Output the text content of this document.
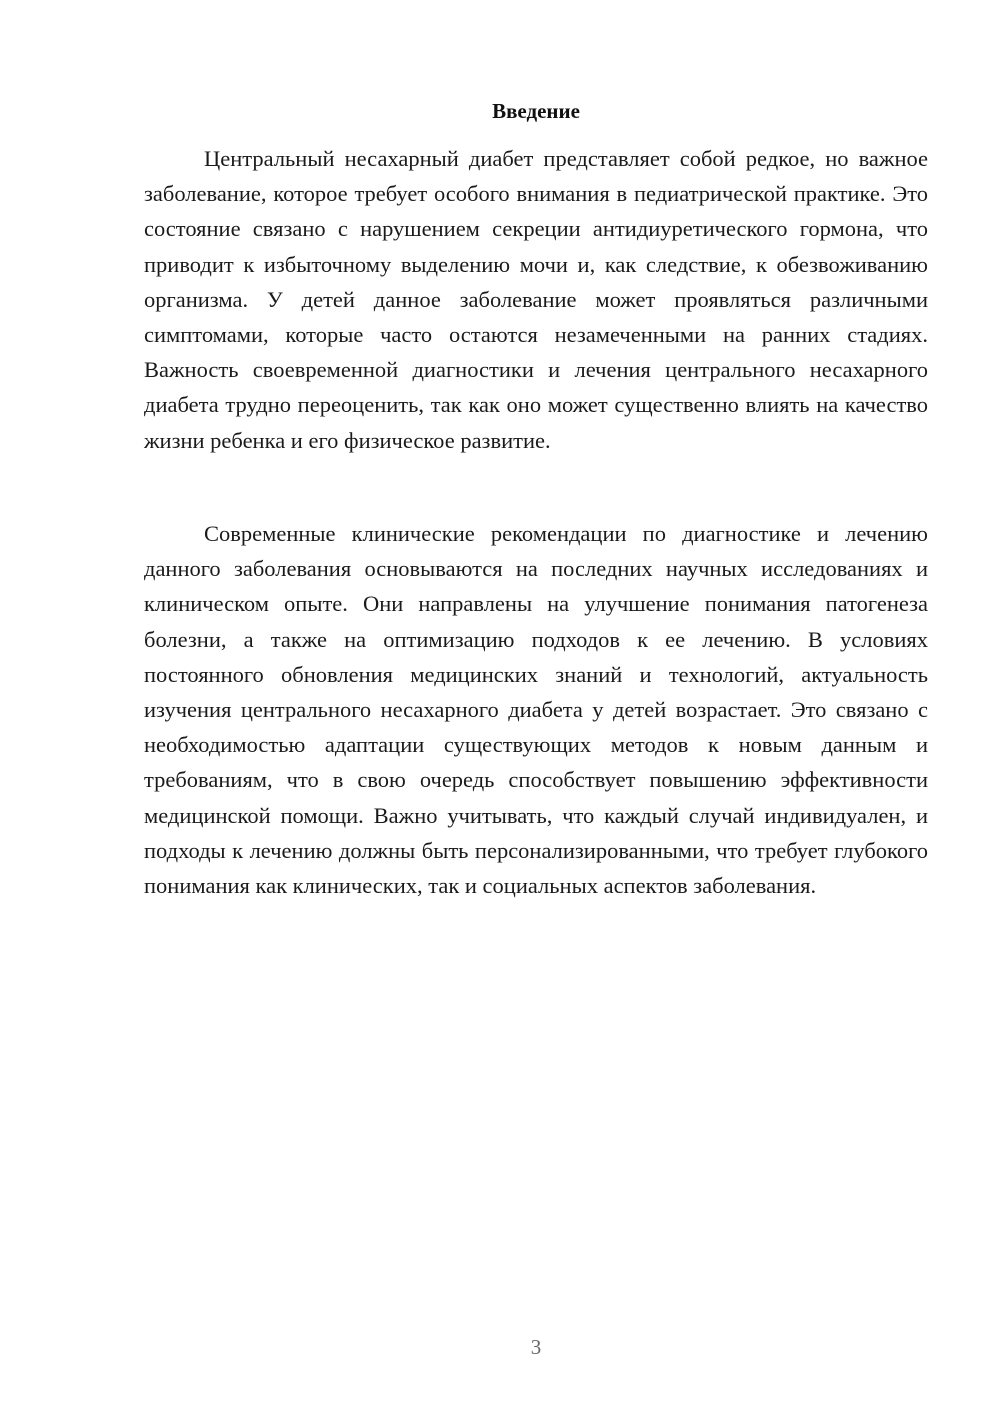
Введение

Центральный несахарный диабет представляет собой редкое, но важное заболевание, которое требует особого внимания в педиатрической практике. Это состояние связано с нарушением секреции антидиуретического гормона, что приводит к избыточному выделению мочи и, как следствие, к обезвоживанию организма. У детей данное заболевание может проявляться различными симптомами, которые часто остаются незамеченными на ранних стадиях. Важность своевременной диагностики и лечения центрального несахарного диабета трудно переоценить, так как оно может существенно влиять на качество жизни ребенка и его физическое развитие.

Современные клинические рекомендации по диагностике и лечению данного заболевания основываются на последних научных исследованиях и клиническом опыте. Они направлены на улучшение понимания патогенеза болезни, а также на оптимизацию подходов к ее лечению. В условиях постоянного обновления медицинских знаний и технологий, актуальность изучения центрального несахарного диабета у детей возрастает. Это связано с необходимостью адаптации существующих методов к новым данным и требованиям, что в свою очередь способствует повышению эффективности медицинской помощи. Важно учитывать, что каждый случай индивидуален, и подходы к лечению должны быть персонализированными, что требует глубокого понимания как клинических, так и социальных аспектов заболевания.

3
